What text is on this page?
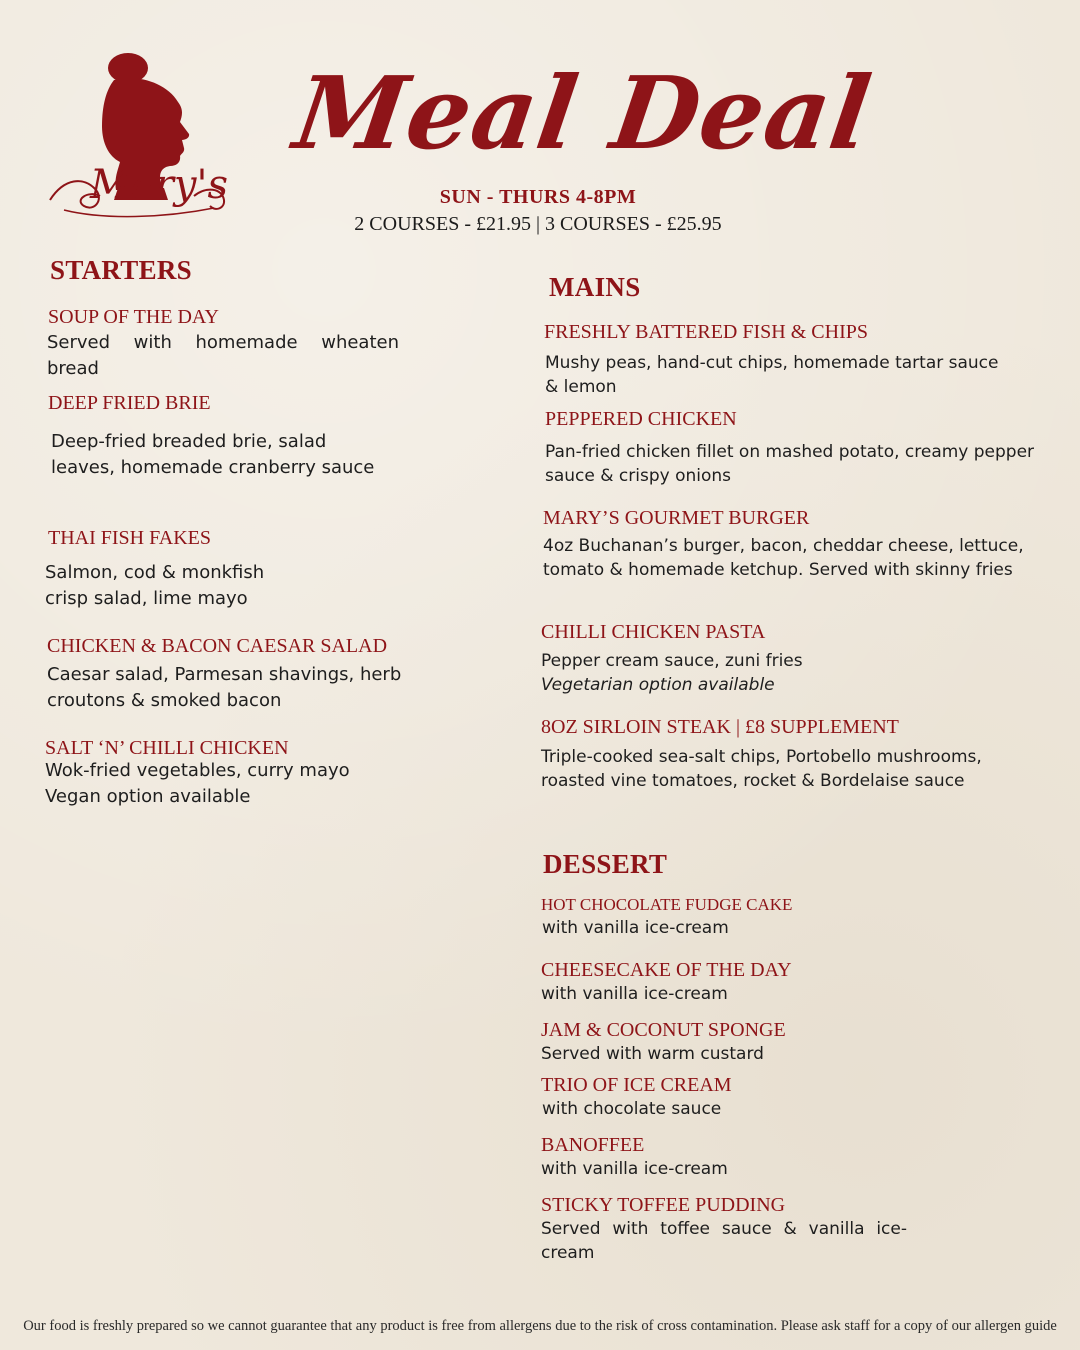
Mary's
Meal Deal
SUN - THURS 4-8PM
2 COURSES - £21.95 | 3 COURSES - £25.95
STARTERS
SOUP OF THE DAY
Served with homemade wheaten bread
DEEP FRIED BRIE
Deep-fried breaded brie, salad leaves, homemade cranberry sauce
THAI FISH FAKES
Salmon, cod & monkfish crisp salad, lime mayo
CHICKEN & BACON CAESAR SALAD
Caesar salad, Parmesan shavings, herb croutons & smoked bacon
SALT ‘N’ CHILLI CHICKEN
Wok-fried vegetables, curry mayo
Vegan option available
MAINS
FRESHLY BATTERED FISH & CHIPS
Mushy peas, hand-cut chips, homemade tartar sauce & lemon
PEPPERED CHICKEN
Pan-fried chicken fillet on mashed potato, creamy pepper sauce & crispy onions
MARY’S GOURMET BURGER
4oz Buchanan’s burger, bacon, cheddar cheese, lettuce, tomato & homemade ketchup. Served with skinny fries
CHILLI CHICKEN PASTA
Pepper cream sauce, zuni fries
Vegetarian option available
8OZ SIRLOIN STEAK | £8 SUPPLEMENT
Triple-cooked sea-salt chips, Portobello mushrooms, roasted vine tomatoes, rocket & Bordelaise sauce
DESSERT
HOT CHOCOLATE FUDGE CAKE
with vanilla ice-cream
CHEESECAKE OF THE DAY
with vanilla ice-cream
JAM & COCONUT SPONGE
Served with warm custard
TRIO OF ICE CREAM
with chocolate sauce
BANOFFEE
with vanilla ice-cream
STICKY TOFFEE PUDDING
Served with toffee sauce & vanilla ice-cream
Our food is freshly prepared so we cannot guarantee that any product is free from allergens due to the risk of cross contamination. Please ask staff for a copy of our allergen guide
